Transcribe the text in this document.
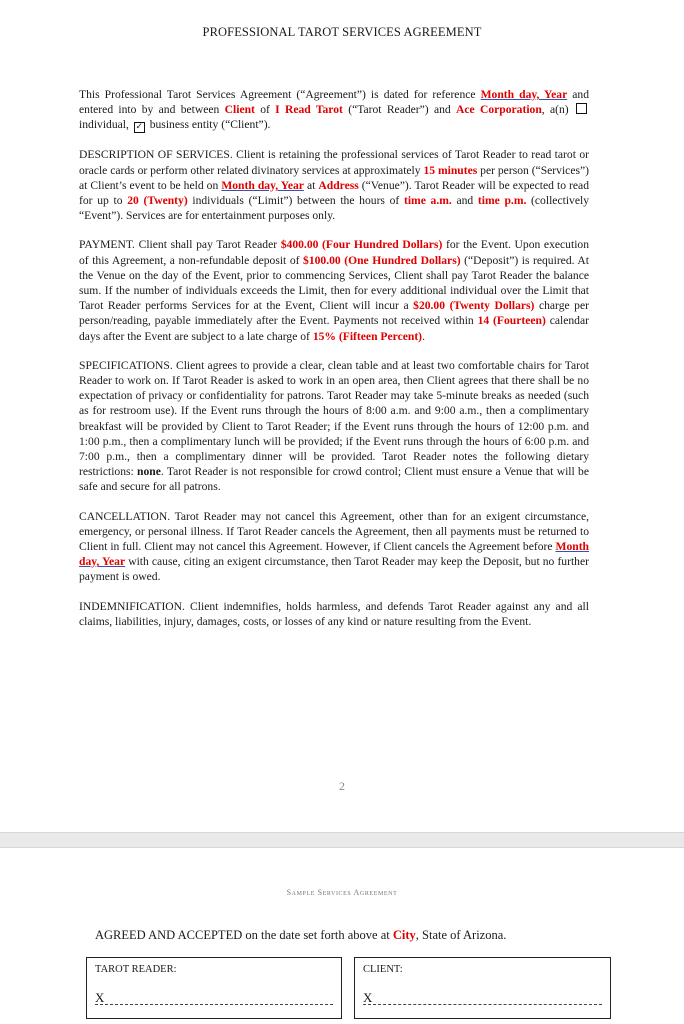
PROFESSIONAL TAROT SERVICES AGREEMENT

This Professional Tarot Services Agreement (“Agreement”) is dated for reference Month day, Year and entered into by and between Client of I Read Tarot (“Tarot Reader”) and Ace Corporation, a(n)  individual, ✓ business entity (“Client”).

DESCRIPTION OF SERVICES. Client is retaining the professional services of Tarot Reader to read tarot or oracle cards or perform other related divinatory services at approximately 15 minutes per person (“Services”) at Client’s event to be held on Month day, Year at Address (“Venue”). Tarot Reader will be expected to read for up to 20 (Twenty) individuals (“Limit”) between the hours of time a.m. and time p.m. (collectively “Event”). Services are for entertainment purposes only.

PAYMENT. Client shall pay Tarot Reader $400.00 (Four Hundred Dollars) for the Event. Upon execution of this Agreement, a non-refundable deposit of $100.00 (One Hundred Dollars) (“Deposit”) is required. At the Venue on the day of the Event, prior to commencing Services, Client shall pay Tarot Reader the balance sum. If the number of individuals exceeds the Limit, then for every additional individual over the Limit that Tarot Reader performs Services for at the Event, Client will incur a $20.00 (Twenty Dollars) charge per person/reading, payable immediately after the Event. Payments not received within 14 (Fourteen) calendar days after the Event are subject to a late charge of 15% (Fifteen Percent).

SPECIFICATIONS. Client agrees to provide a clear, clean table and at least two comfortable chairs for Tarot Reader to work on. If Tarot Reader is asked to work in an open area, then Client agrees that there shall be no expectation of privacy or confidentiality for patrons. Tarot Reader may take 5-minute breaks as needed (such as for restroom use). If the Event runs through the hours of 8:00 a.m. and 9:00 a.m., then a complimentary breakfast will be provided by Client to Tarot Reader; if the Event runs through the hours of 12:00 p.m. and 1:00 p.m., then a complimentary lunch will be provided; if the Event runs through the hours of 6:00 p.m. and 7:00 p.m., then a complimentary dinner will be provided. Tarot Reader notes the following dietary restrictions: none. Tarot Reader is not responsible for crowd control; Client must ensure a Venue that will be safe and secure for all patrons.

CANCELLATION. Tarot Reader may not cancel this Agreement, other than for an exigent circumstance, emergency, or personal illness. If Tarot Reader cancels the Agreement, then all payments must be returned to Client in full. Client may not cancel this Agreement. However, if Client cancels the Agreement before Month day, Year with cause, citing an exigent circumstance, then Tarot Reader may keep the Deposit, but no further payment is owed.

INDEMNIFICATION. Client indemnifies, holds harmless, and defends Tarot Reader against any and all claims, liabilities, injury, damages, costs, or losses of any kind or nature resulting from the Event.

2
Sample Services Agreement
AGREED AND ACCEPTED on the date set forth above at City, State of Arizona.
TAROT READER:
X
CLIENT:
X
